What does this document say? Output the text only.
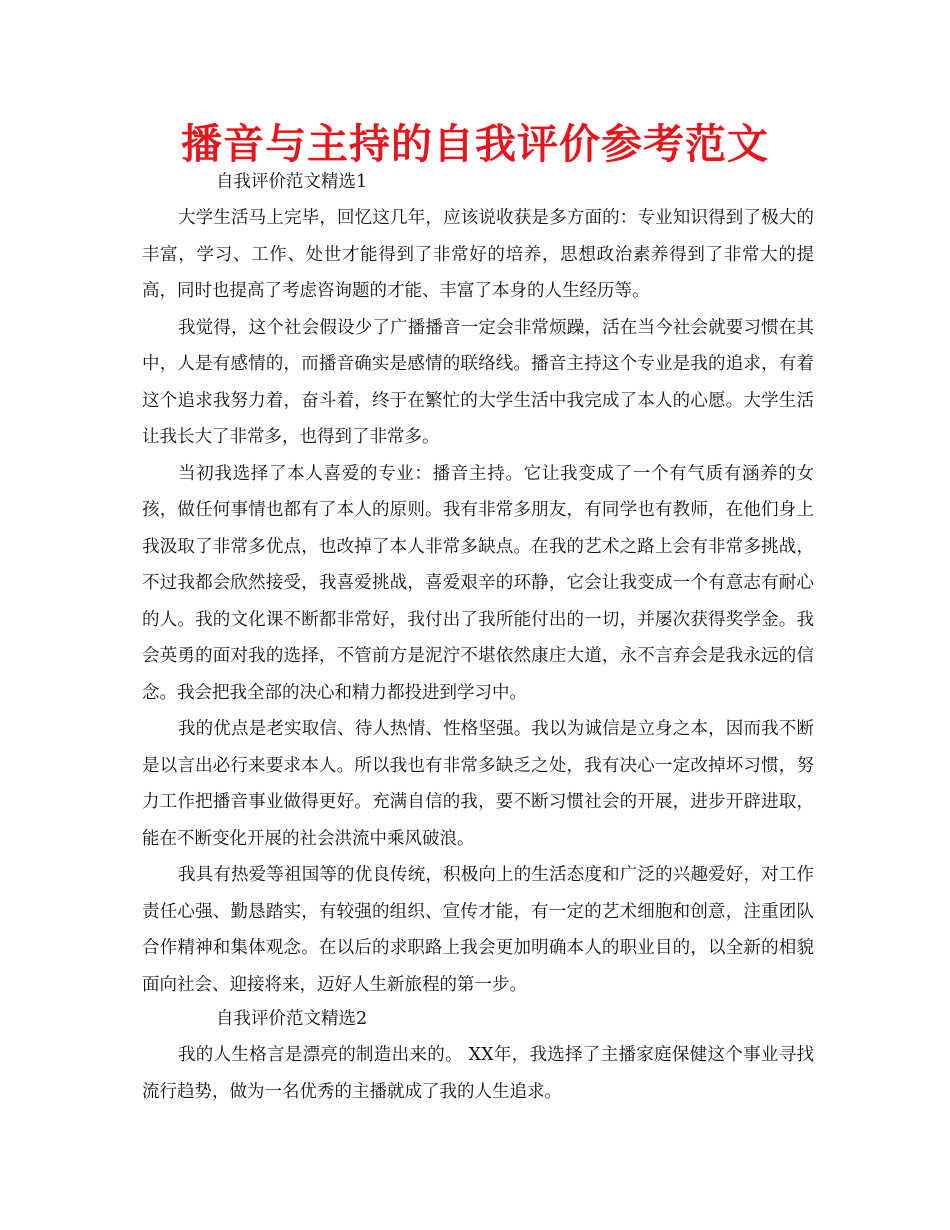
播音与主持的自我评价参考范文
自我评价范文精选1

大学生活马上完毕，回忆这几年，应该说收获是多方面的：专业知识得到了极大的丰富，学习、工作、处世才能得到了非常好的培养，思想政治素养得到了非常大的提高，同时也提高了考虑咨询题的才能、丰富了本身的人生经历等。

我觉得，这个社会假设少了广播播音一定会非常烦躁，活在当今社会就要习惯在其中，人是有感情的，而播音确实是感情的联络线。播音主持这个专业是我的追求，有着这个追求我努力着，奋斗着，终于在繁忙的大学生活中我完成了本人的心愿。大学生活让我长大了非常多，也得到了非常多。

当初我选择了本人喜爱的专业：播音主持。它让我变成了一个有气质有涵养的女孩，做任何事情也都有了本人的原则。我有非常多朋友，有同学也有教师，在他们身上我汲取了非常多优点，也改掉了本人非常多缺点。在我的艺术之路上会有非常多挑战，不过我都会欣然接受，我喜爱挑战，喜爱艰辛的环静，它会让我变成一个有意志有耐心的人。我的文化课不断都非常好，我付出了我所能付出的一切，并屡次获得奖学金。我会英勇的面对我的选择，不管前方是泥泞不堪依然康庄大道，永不言弃会是我永远的信念。我会把我全部的决心和精力都投进到学习中。

我的优点是老实取信、待人热情、性格坚强。我以为诚信是立身之本，因而我不断是以言出必行来要求本人。所以我也有非常多缺乏之处，我有决心一定改掉坏习惯，努力工作把播音事业做得更好。充满自信的我，要不断习惯社会的开展，进步开辟进取，能在不断变化开展的社会洪流中乘风破浪。

我具有热爱等祖国等的优良传统，积极向上的生活态度和广泛的兴趣爱好，对工作责任心强、勤恳踏实，有较强的组织、宣传才能，有一定的艺术细胞和创意，注重团队合作精神和集体观念。在以后的求职路上我会更加明确本人的职业目的，以全新的相貌面向社会、迎接将来，迈好人生新旅程的第一步。

自我评价范文精选2

我的人生格言是漂亮的制造出来的。 XX年，我选择了主播家庭保健这个事业寻找流行趋势，做为一名优秀的主播就成了我的人生追求。
